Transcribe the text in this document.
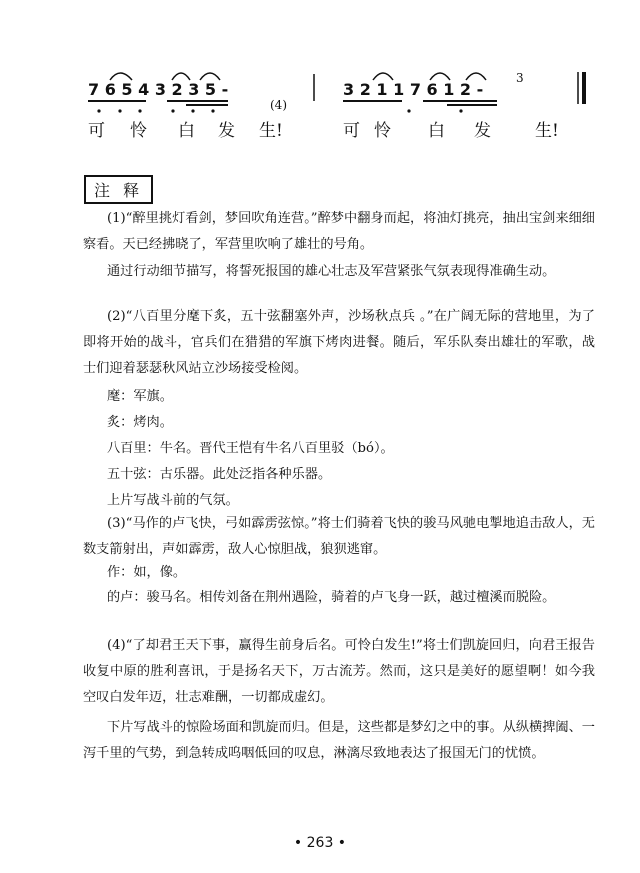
7 6 5 4 3 2 3 5 -
(4)
3 2 1 1 7 6 1 2 -
3
可 怜 白 发 生!	可 怜 白 发	生!
注 释

(1)“醉里挑灯看剑，梦回吹角连营。”醉梦中翻身而起，将油灯挑亮，抽出宝剑来细细察看。天已经拂晓了，军营里吹响了雄壮的号角。

通过行动细节描写，将誓死报国的雄心壮志及军营紧张气氛表现得准确生动。

(2)“八百里分麾下炙，五十弦翻塞外声，沙场秋点兵 。”在广阔无际的营地里，为了即将开始的战斗，官兵们在猎猎的军旗下烤肉进餐。随后，军乐队奏出雄壮的军歌，战士们迎着瑟瑟秋风站立沙场接受检阅。

麾：军旗。

炙：烤肉。

八百里：牛名。晋代王恺有牛名八百里驳（bó）。

五十弦：古乐器。此处泛指各种乐器。

上片写战斗前的气氛。

(3)“马作的卢飞快，弓如霹雳弦惊。”将士们骑着飞快的骏马风驰电掣地追击敌人，无数支箭射出，声如霹雳，敌人心惊胆战，狼狈逃窜。

作：如，像。

的卢：骏马名。相传刘备在荆州遇险，骑着的卢飞身一跃，越过檀溪而脱险。

(4)“了却君王天下事，赢得生前身后名。可怜白发生!”将士们凯旋回归，向君王报告收复中原的胜利喜讯，于是扬名天下，万古流芳。然而，这只是美好的愿望啊！如今我空叹白发年迈，壮志难酬，一切都成虚幻。

下片写战斗的惊险场面和凯旋而归。但是，这些都是梦幻之中的事。从纵横捭阖、一泻千里的气势，到急转成呜咽低回的叹息，淋漓尽致地表达了报国无门的忧愤。

• 263 •
